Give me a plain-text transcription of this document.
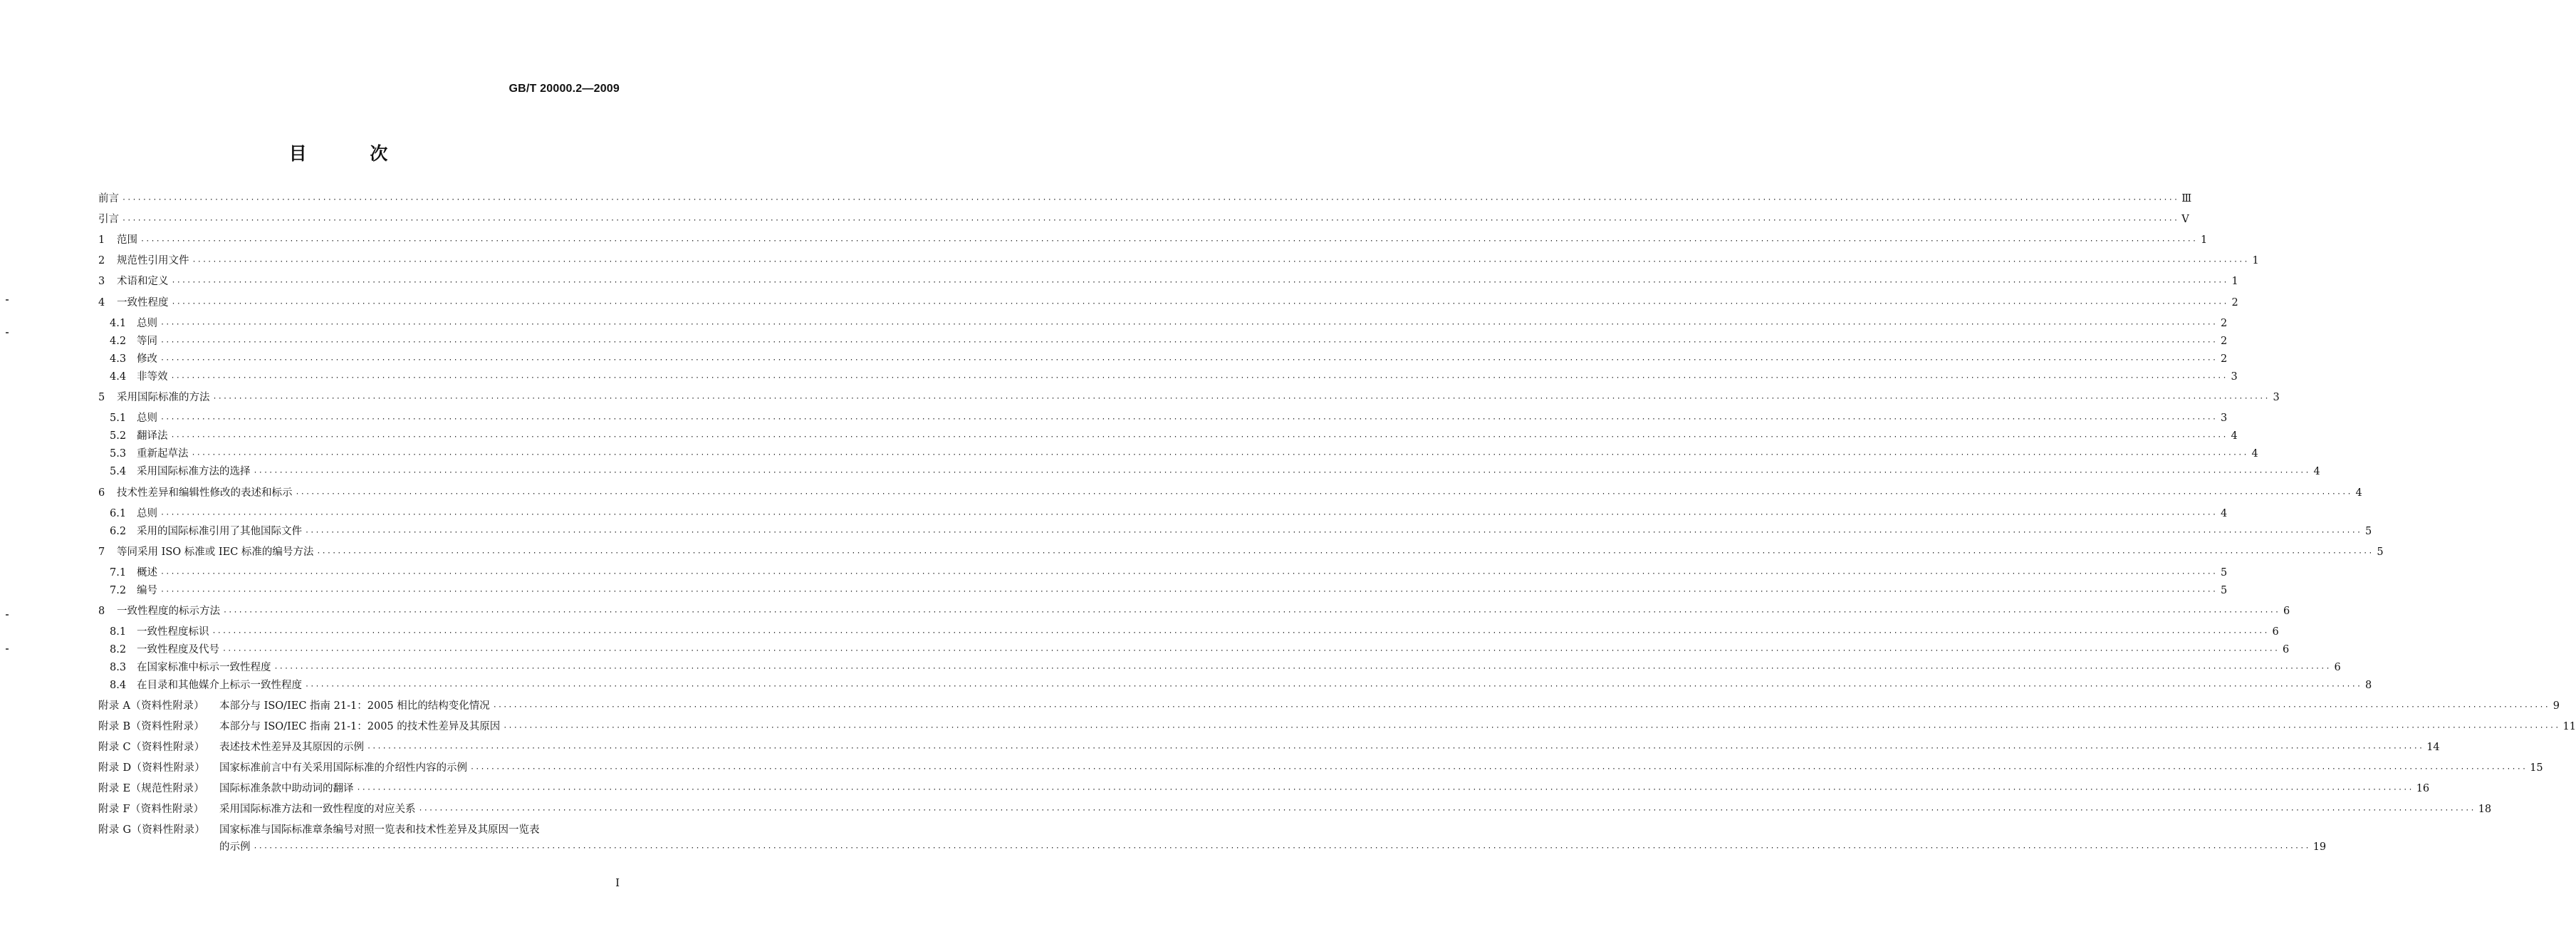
GB/T 20000.2—2009
目 次
前言 ················································································································································································································································································································································································································ Ⅲ
引言 ················································································································································································································································································································································································································ Ⅴ
1	范围 ················································································································································································································································································································································································································ 1
2	规范性引用文件 ················································································································································································································································································································································································································ 1
3	术语和定义 ················································································································································································································································································································································································································ 1
4	一致性程度 ················································································································································································································································································································································································································ 2
4.1	总则 ················································································································································································································································································································································································································ 2
4.2	等同 ················································································································································································································································································································································································································ 2
4.3	修改 ················································································································································································································································································································································································································ 2
4.4	非等效 ················································································································································································································································································································································································································ 3
5	采用国际标准的方法 ················································································································································································································································································································································································································ 3
5.1	总则 ················································································································································································································································································································································································································ 3
5.2	翻译法 ················································································································································································································································································································································································································ 4
5.3	重新起草法 ················································································································································································································································································································································································································ 4
5.4	采用国际标准方法的选择 ················································································································································································································································································································································································································ 4
6	技术性差异和编辑性修改的表述和标示 ················································································································································································································································································································································································································ 4
6.1	总则 ················································································································································································································································································································································································································ 4
6.2	采用的国际标准引用了其他国际文件 ················································································································································································································································································································································································································ 5
7	等同采用 ISO 标准或 IEC 标准的编号方法 ················································································································································································································································································································································································································ 5
7.1	概述 ················································································································································································································································································································································································································ 5
7.2	编号 ················································································································································································································································································································································································································ 5
8	一致性程度的标示方法 ················································································································································································································································································································································································································ 6
8.1	一致性程度标识 ················································································································································································································································································································································································································ 6
8.2	一致性程度及代号 ················································································································································································································································································································································································································ 6
8.3	在国家标准中标示一致性程度 ················································································································································································································································································································································································································ 6
8.4	在目录和其他媒介上标示一致性程度 ················································································································································································································································································································································································································ 8
附录 A（资料性附录）	本部分与 ISO/IEC 指南 21-1：2005 相比的结构变化情况 ················································································································································································································································································································································································································ 9
附录 B（资料性附录）	本部分与 ISO/IEC 指南 21-1：2005 的技术性差异及其原因 ················································································································································································································································································································································································································ 11
附录 C（资料性附录）	表述技术性差异及其原因的示例 ················································································································································································································································································································································································································ 14
附录 D（资料性附录）	国家标准前言中有关采用国际标准的介绍性内容的示例 ················································································································································································································································································································································································································ 15
附录 E（规范性附录）	国际标准条款中助动词的翻译 ················································································································································································································································································································································································································ 16
附录 F（资料性附录）	采用国际标准方法和一致性程度的对应关系 ················································································································································································································································································································································································································ 18
附录 G（资料性附录）	国家标准与国际标准章条编号对照一览表和技术性差异及其原因一览表
的示例 ················································································································································································································································································································································································································ 19
I
